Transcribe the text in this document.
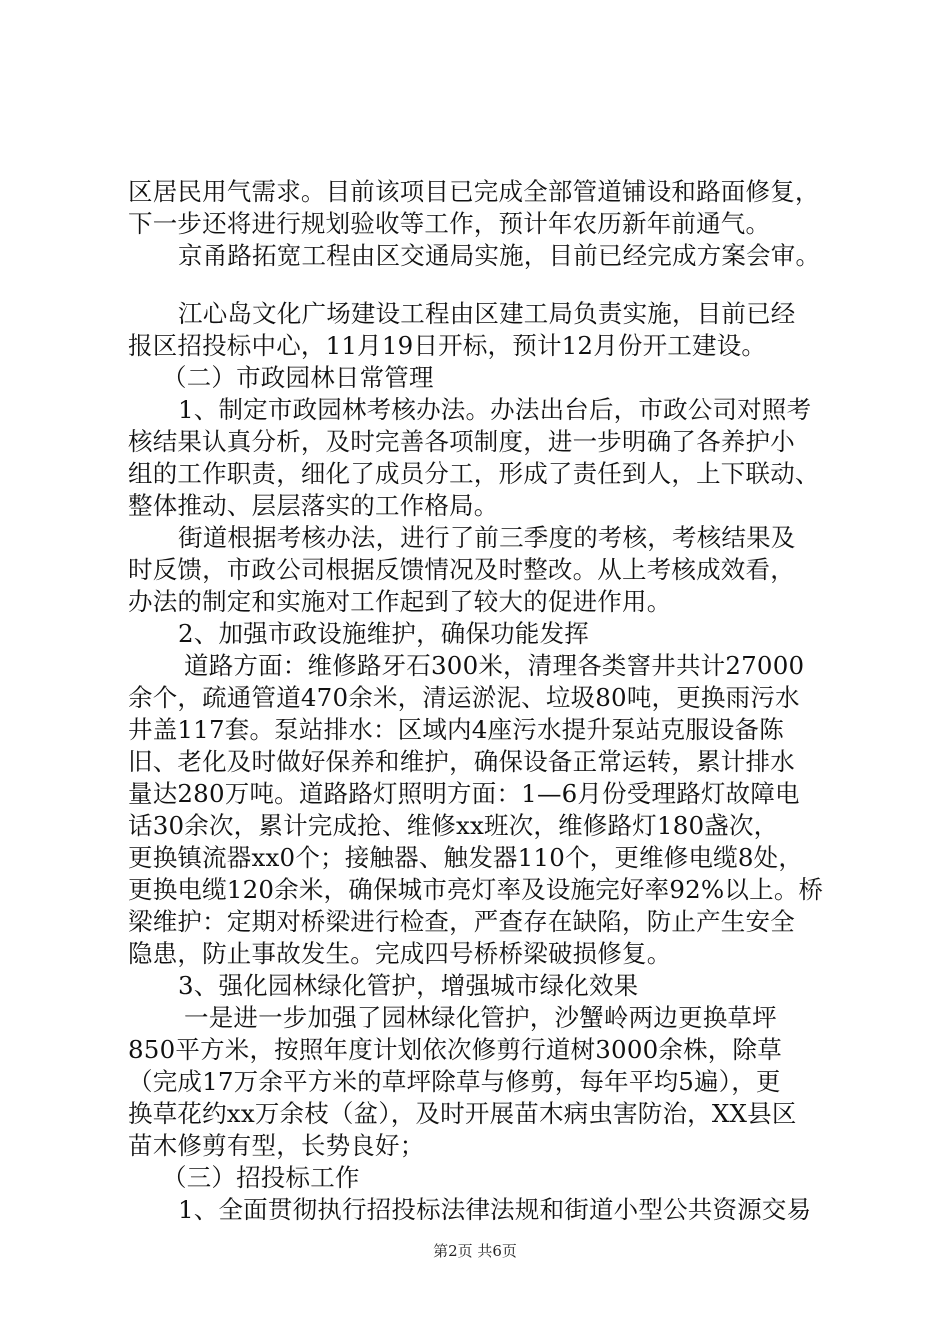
区居民用气需求。目前该项目已完成全部管道铺设和路面修复，
下一步还将进行规划验收等工作，预计年农历新年前通气。
京甬路拓宽工程由区交通局实施，目前已经完成方案会审。
江心岛文化广场建设工程由区建工局负责实施，目前已经
报区招投标中心，11月19日开标，预计12月份开工建设。
（二）市政园林日常管理
1、制定市政园林考核办法。办法出台后，市政公司对照考
核结果认真分析，及时完善各项制度，进一步明确了各养护小
组的工作职责，细化了成员分工，形成了责任到人，上下联动、
整体推动、层层落实的工作格局。
街道根据考核办法，进行了前三季度的考核，考核结果及
时反馈，市政公司根据反馈情况及时整改。从上考核成效看，
办法的制定和实施对工作起到了较大的促进作用。
2、加强市政设施维护，确保功能发挥
道路方面：维修路牙石300米，清理各类窨井共计27000
余个，疏通管道470余米，清运淤泥、垃圾80吨，更换雨污水
井盖117套。泵站排水：区域内4座污水提升泵站克服设备陈
旧、老化及时做好保养和维护，确保设备正常运转，累计排水
量达280万吨。道路路灯照明方面：1—6月份受理路灯故障电
话30余次，累计完成抢、维修xx班次，维修路灯180盏次，
更换镇流器xx0个；接触器、触发器110个，更维修电缆8处，
更换电缆120余米，确保城市亮灯率及设施完好率92%以上。桥
梁维护：定期对桥梁进行检查，严查存在缺陷，防止产生安全
隐患，防止事故发生。完成四号桥桥梁破损修复。
3、强化园林绿化管护，增强城市绿化效果
一是进一步加强了园林绿化管护，沙蟹岭两边更换草坪
850平方米，按照年度计划依次修剪行道树3000余株，除草
（完成17万余平方米的草坪除草与修剪，每年平均5遍），更
换草花约xx万余枝（盆），及时开展苗木病虫害防治，XX县区
苗木修剪有型，长势良好；
（三）招投标工作
1、全面贯彻执行招投标法律法规和街道小型公共资源交易
第2页 共6页
